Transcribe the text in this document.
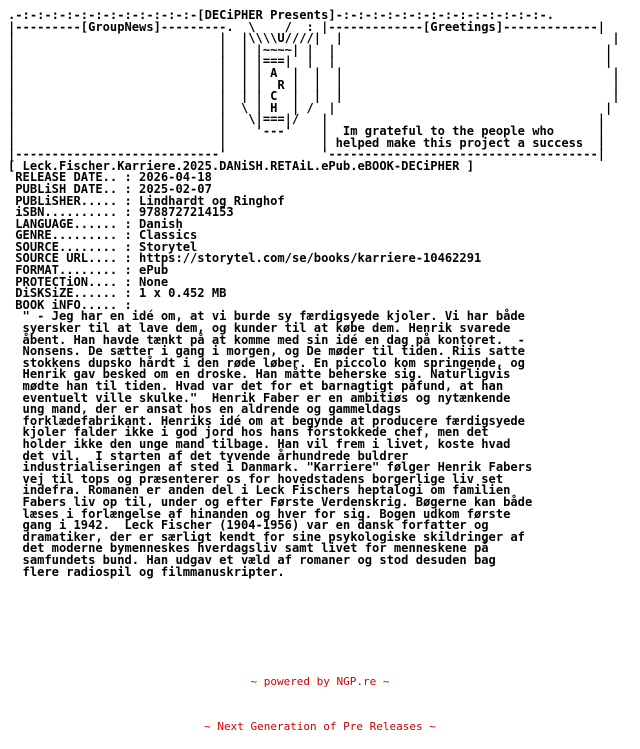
.-:-:-:-:-:-:-:-:-:-:-:-:-[DECiPHER Presents]-:-:-:-:-:-:-:-:-:-:-:-:-:-:-.
|---------[GroupNews]---------.  \    /  : |-------------[Greetings]-------------|
|                            |  |\\\\U////|  |                                     |
|                            |  | |~~~~| |  |                                     |
|                            |  | |===|  |  |                                     |
|                            |  | | A  |  |  |                                     |
|                            |  | |  R |  |  |                                     |
|                            |  | | C  |  |  |                                     |
|                            |  \ | H  | /  |                                     |
|                            |   \|===|/   |                                     |
|                            |    '---'    |  Im grateful to the people who      |
|                            |             | helped make this project a success  |
|----------------------------'             '-------------------------------------|
[ Leck.Fischer.Karriere.2025.DANiSH.RETAiL.ePub.eBOOK-DECiPHER ]
RELEASE DATE.. : 2026-04-18
PUBLiSH DATE.. : 2025-02-07
PUBLiSHER..... : Lindhardt og Ringhof
iSBN.......... : 9788727214153
LANGUAGE...... : Danish
GENRE......... : Classics
SOURCE........ : Storytel
SOURCE URL.... : https://storytel.com/se/books/karriere-10462291
FORMAT........ : ePub
PROTECTiON.... : None
DiSKSiZE...... : 1 x 0.452 MB
BOOK iNFO..... :
" - Jeg har en idé om, at vi burde sy færdigsyede kjoler. Vi har både
syersker til at lave dem, og kunder til at købe dem. Henrik svarede
åbent. Han havde tænkt på at komme med sin idé en dag på kontoret.  -
Nonsens. De sætter i gang i morgen, og De møder til tiden. Riis satte
stokkens dupsko hårdt i den røde løber. En piccolo kom springende, og
Henrik gav besked om en droske. Han måtte beherske sig. Naturligvis
mødte han til tiden. Hvad var det for et barnagtigt påfund, at han
eventuelt ville skulke."  Henrik Faber er en ambitiøs og nytænkende
ung mand, der er ansat hos en aldrende og gammeldags
forklædefabrikant. Henriks idé om at begynde at producere færdigsyede
kjoler falder ikke i god jord hos hans forstokkede chef, men det
holder ikke den unge mand tilbage. Han vil frem i livet, koste hvad
det vil.  I starten af det tyvende århundrede buldrer
industrialiseringen af sted i Danmark. "Karriere" følger Henrik Fabers
vej til tops og præsenterer os for hovedstadens borgerlige liv set
indefra. Romanen er anden del i Leck Fischers heptalogi om familien
Fabers liv op til, under og efter Første Verdenskrig. Bøgerne kan både
læses i forlængelse af hinanden og hver for sig. Bogen udkom første
gang i 1942.  Leck Fischer (1904-1956) var en dansk forfatter og
dramatiker, der er særligt kendt for sine psykologiske skildringer af
det moderne bymenneskes hverdagsliv samt livet for menneskene på
samfundets bund. Han udgav et væld af romaner og stod desuden bag
flere radiospil og filmmanuskripter.

~ powered by NGP.re ~

~ Next Generation of Pre Releases ~
